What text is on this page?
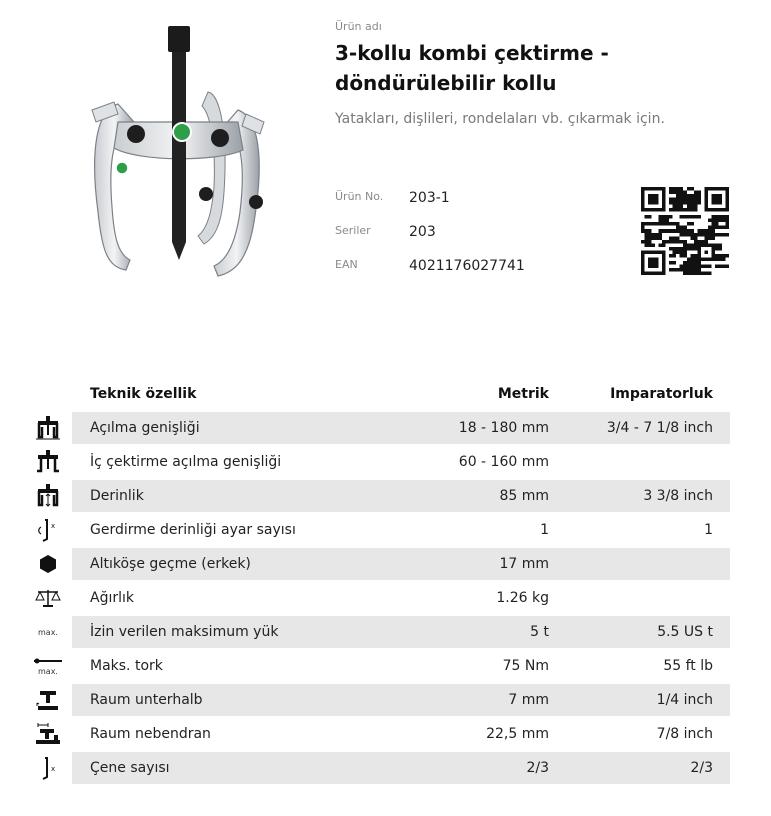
Ürün adı
3-kollu kombi çektirme - döndürülebilir kollu
Yatakları, dişlileri, rondelaları vb. çıkarmak için.
Ürün No. 203-1
Seriler	203
EAN	4021176027741
Teknik özellik	Metrik	Imparatorluk
Açılma genişliği	18 - 180 mm	3/4 - 7 1/8 inch
İç çektirme açılma genişliği	60 - 160 mm
Derinlik	85 mm	3 3/8 inch
Gerdirme derinliği ayar sayısı	1	1
Altıköşe geçme (erkek)	17 mm
Ağırlık	1.26 kg
İzin verilen maksimum yük	5 t	5.5 US t
Maks. tork	75 Nm	55 ft lb
Raum unterhalb	7 mm	1/4 inch
Raum nebendran	22,5 mm	7/8 inch
Çene sayısı	2/3	2/3
x
max.
max.
x
